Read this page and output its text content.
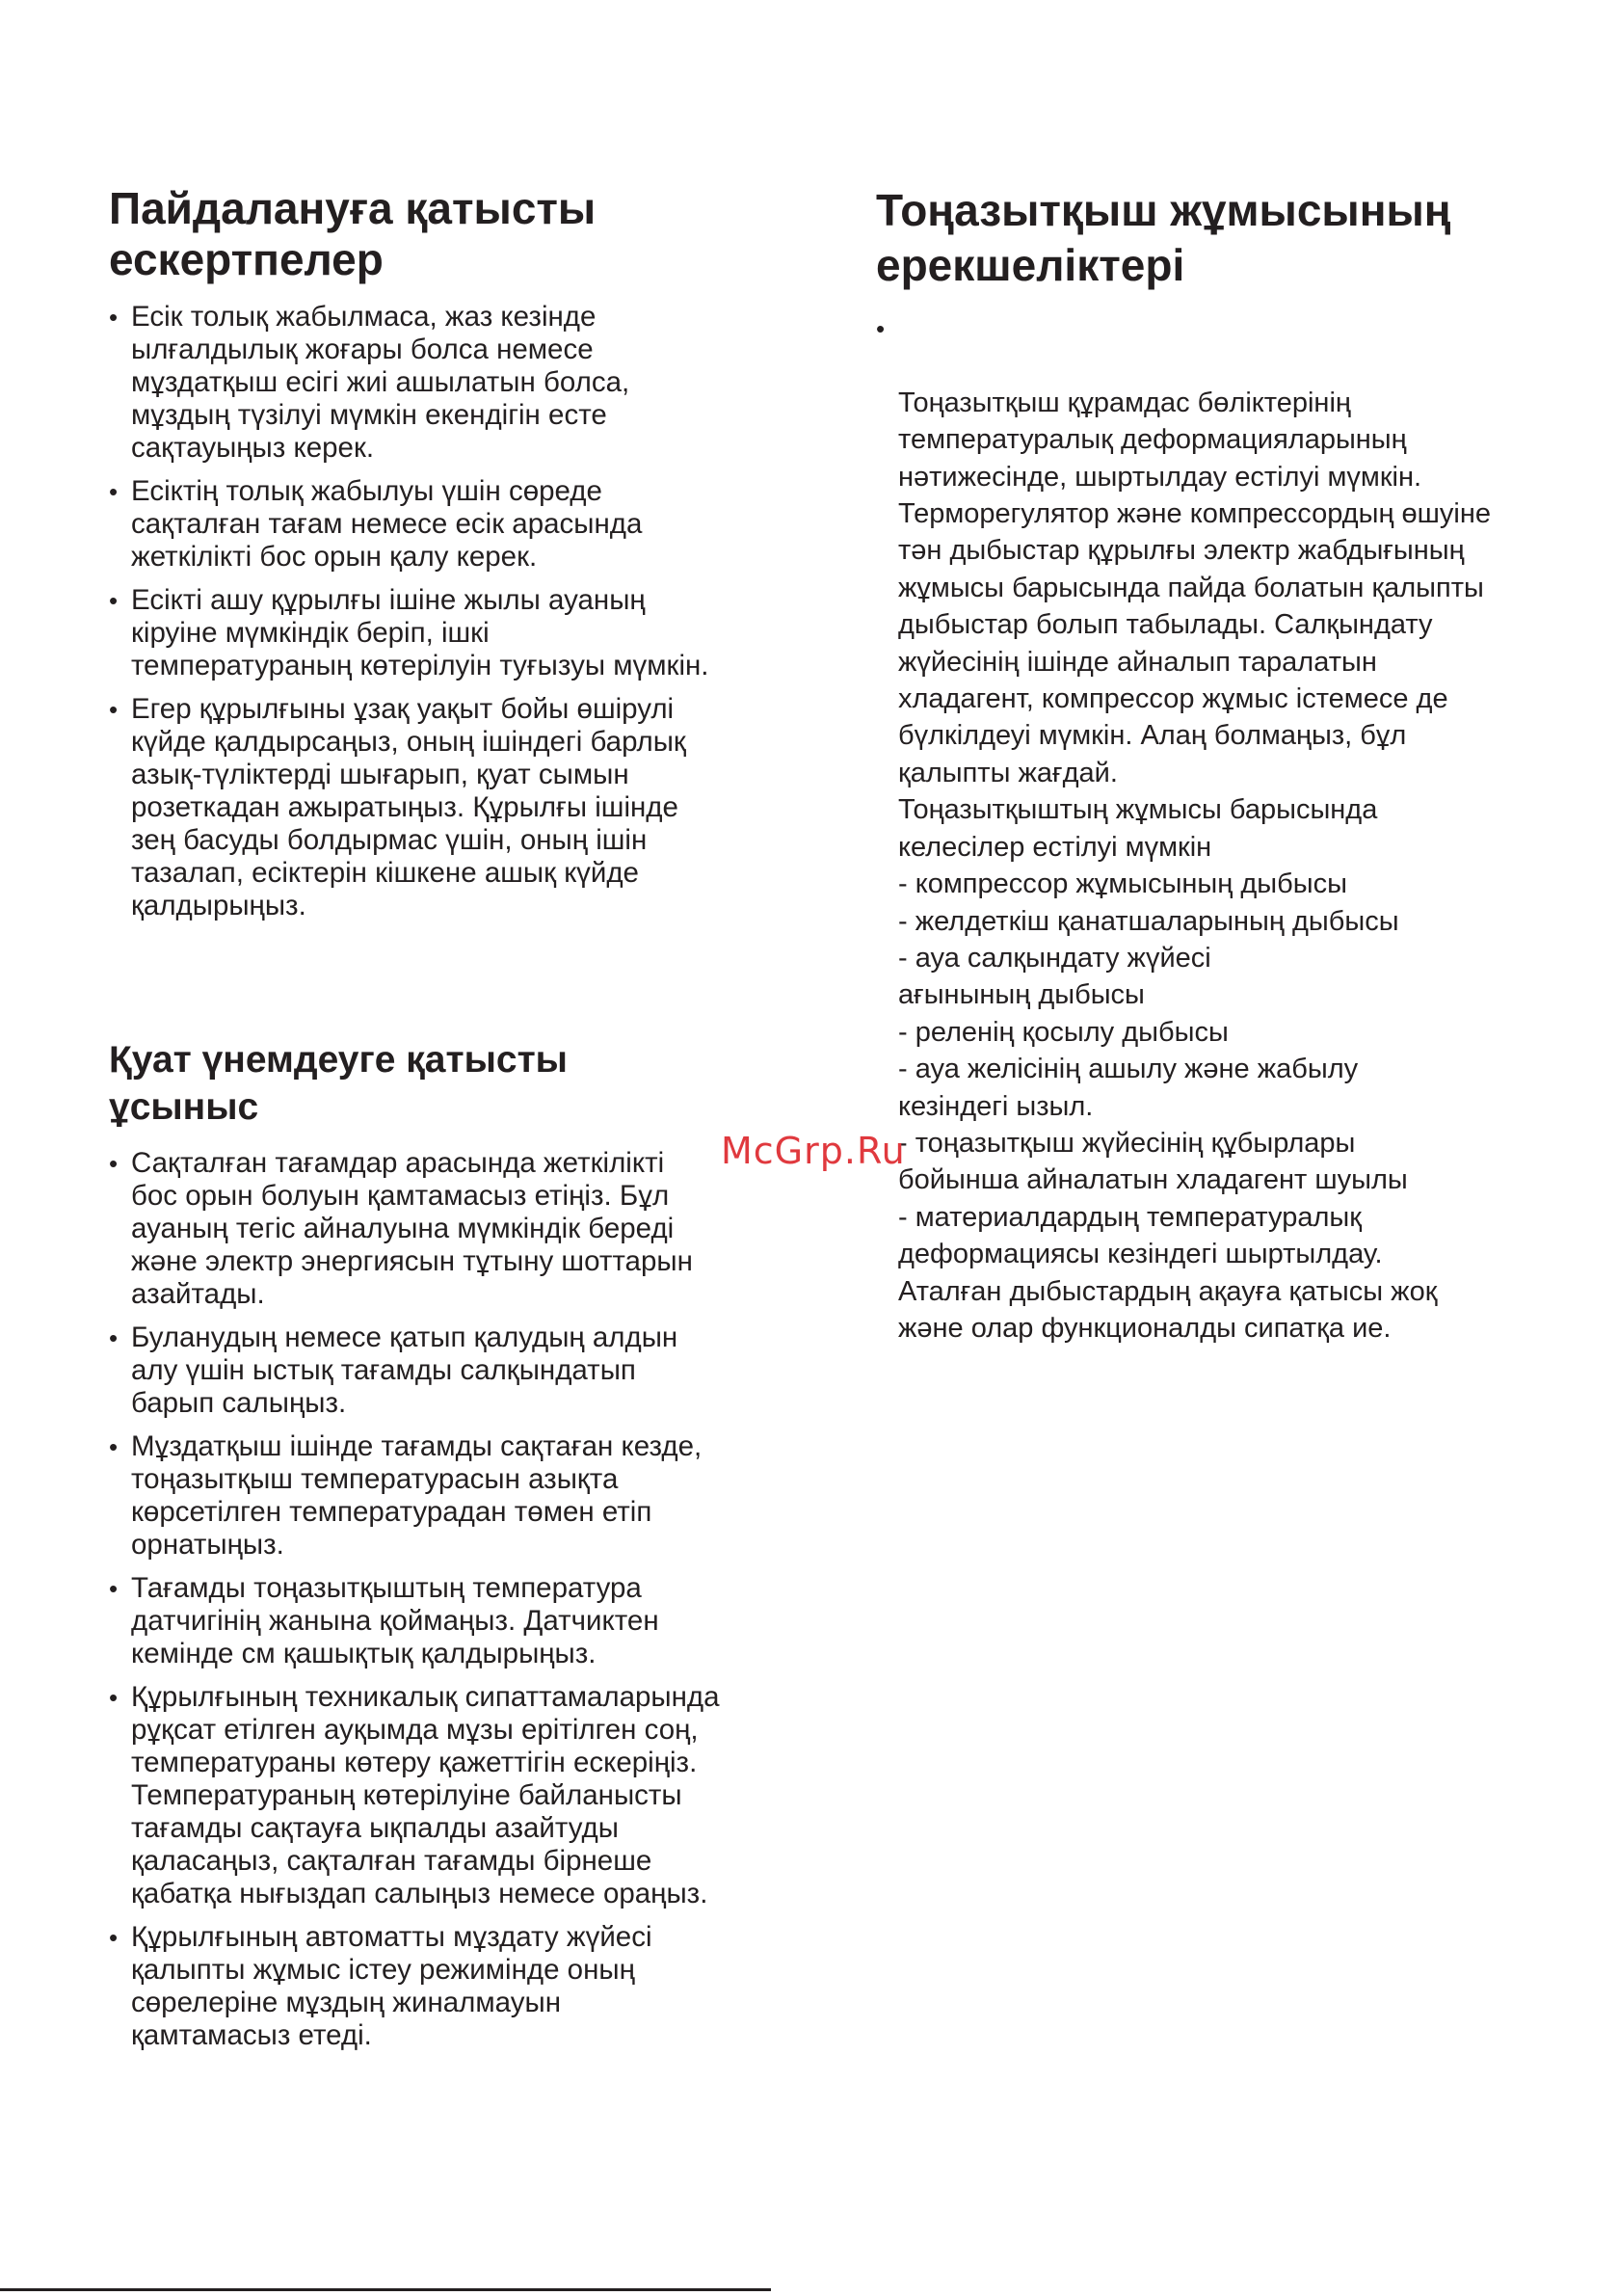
Пайдалануға қатысты
ескертпелер
• Есік толық жабылмаса, жаз кезінде
ылғалдылық жоғары болса немесе
мұздатқыш есігі жиі ашылатын болса,
мұздың түзілуі мүмкін екендігін есте
сақтауыңыз керек.
• Есіктің толық жабылуы үшін сөреде
сақталған тағам немесе есік арасында
жеткілікті бос орын қалу керек.
• Есікті ашу құрылғы ішіне жылы ауаның
кіруіне мүмкіндік беріп, ішкі
температураның көтерілуін туғызуы мүмкін.
• Егер құрылғыны ұзақ уақыт бойы өшірулі
күйде қалдырсаңыз, оның ішіндегі барлық
азық-түліктерді шығарып, қуат сымын
розеткадан ажыратыңыз. Құрылғы ішінде
зең басуды болдырмас үшін, оның ішін
тазалап, есіктерін кішкене ашық күйде
қалдырыңыз.
Қуат үнемдеуге қатысты
ұсыныс
• Сақталған тағамдар арасында жеткілікті
бос орын болуын қамтамасыз етіңіз. Бұл
ауаның тегіс айналуына мүмкіндік береді
және электр энергиясын тұтыну шоттарын
азайтады.
• Буланудың немесе қатып қалудың алдын
алу үшін ыстық тағамды салқындатып
барып салыңыз.
• Мұздатқыш ішінде тағамды сақтаған кезде,
тоңазытқыш температурасын азықта
көрсетілген температурадан төмен етіп
орнатыңыз.
• Тағамды тоңазытқыштың температура
датчигінің жанына қоймаңыз. Датчиктен
кемінде см қашықтық қалдырыңыз.
• Құрылғының техникалық сипаттамаларында
рұқсат етілген ауқымда мұзы ерітілген соң,
температураны көтеру қажеттігін ескеріңіз.
Температураның көтерілуіне байланысты
тағамды сақтауға ықпалды азайтуды
қаласаңыз, сақталған тағамды бірнеше
қабатқа нығыздап салыңыз немесе ораңыз.
• Құрылғының автоматты мұздату жүйесі
қалыпты жұмыс істеу режимінде оның
сөрелеріне мұздың жиналмауын
қамтамасыз етеді.
Тоңазытқыш жұмысының
ерекшеліктері

•

Тоңазытқыш құрамдас бөліктерінің
температуралық деформацияларының
нәтижесінде, шыртылдау естілуі мүмкін.
Терморегулятор және компрессордың өшуіне
тән дыбыстар құрылғы электр жабдығының
жұмысы барысында пайда болатын қалыпты
дыбыстар болып табылады. Салқындату
жүйесінің ішінде айналып таралатын
хладагент, компрессор жұмыс істемесе де
бүлкілдеуі мүмкін. Алаң болмаңыз, бұл
қалыпты жағдай.
Тоңазытқыштың жұмысы барысында
келесілер естілуі мүмкін
- компрессор жұмысының дыбысы
- желдеткіш қанатшаларының дыбысы
- ауа салқындату жүйесі
ағынының дыбысы
- реленің қосылу дыбысы
- ауа желісінің ашылу және жабылу
кезіндегі ызыл.
- тоңазытқыш жүйесінің құбырлары
бойынша айналатын хладагент шуылы
- материалдардың температуралық
деформациясы кезіндегі шыртылдау.
Аталған дыбыстардың ақауға қатысы жоқ
және олар функционалды сипатқа ие.

McGrp.Ru
